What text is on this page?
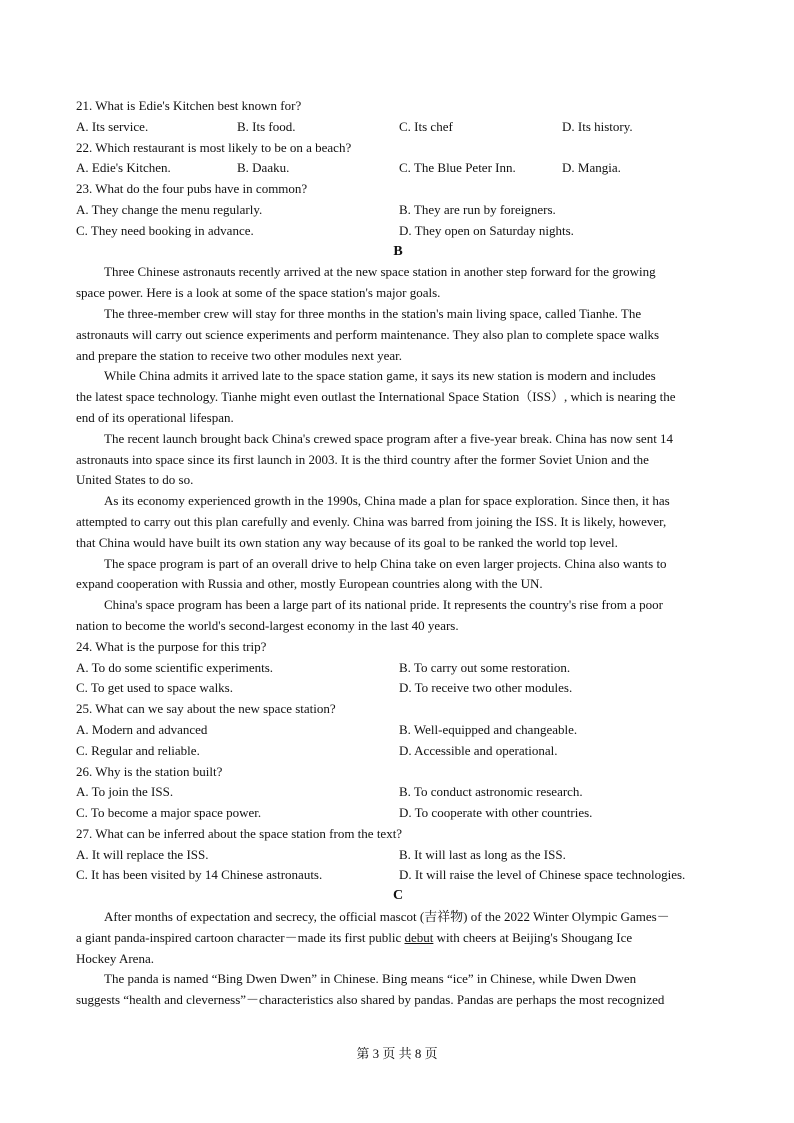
21. What is Edie's Kitchen best known for?
A. Its service.	B. Its food.	C. Its chef	D. Its history.
22. Which restaurant is most likely to be on a beach?
A. Edie's Kitchen.	B. Daaku.	C. The Blue Peter Inn.	D. Mangia.
23. What do the four pubs have in common?
A. They change the menu regularly.	B. They are run by foreigners.
C. They need booking in advance.	D. They open on Saturday nights.
B
Three Chinese astronauts recently arrived at the new space station in another step forward for the growing
space power. Here is a look at some of the space station's major goals.
The three-member crew will stay for three months in the station's main living space, called Tianhe. The
astronauts will carry out science experiments and perform maintenance. They also plan to complete space walks
and prepare the station to receive two other modules next year.
While China admits it arrived late to the space station game, it says its new station is modern and includes
the latest space technology. Tianhe might even outlast the International Space Station（ISS）, which is nearing the
end of its operational lifespan.
The recent launch brought back China's crewed space program after a five-year break. China has now sent 14
astronauts into space since its first launch in 2003. It is the third country after the former Soviet Union and the
United States to do so.
As its economy experienced growth in the 1990s, China made a plan for space exploration. Since then, it has
attempted to carry out this plan carefully and evenly. China was barred from joining the ISS. It is likely, however,
that China would have built its own station any way because of its goal to be ranked the world top level.
The space program is part of an overall drive to help China take on even larger projects. China also wants to
expand cooperation with Russia and other, mostly European countries along with the UN.
China's space program has been a large part of its national pride. It represents the country's rise from a poor
nation to become the world's second-largest economy in the last 40 years.
24. What is the purpose for this trip?
A. To do some scientific experiments.	B. To carry out some restoration.
C. To get used to space walks.	D. To receive two other modules.
25. What can we say about the new space station?
A. Modern and advanced	B. Well-equipped and changeable.
C. Regular and reliable.	D. Accessible and operational.
26. Why is the station built?
A. To join the ISS.	B. To conduct astronomic research.
C. To become a major space power.	D. To cooperate with other countries.
27. What can be inferred about the space station from the text?
A. It will replace the ISS.	B. It will last as long as the ISS.
C. It has been visited by 14 Chinese astronauts.	D. It will raise the level of Chinese space technologies.
C
After months of expectation and secrecy, the official mascot (吉祥物) of the 2022 Winter Olympic Games－
a giant panda-inspired cartoon character－made its first public debut with cheers at Beijing's Shougang Ice
Hockey Arena.
The panda is named “Bing Dwen Dwen” in Chinese. Bing means “ice” in Chinese, while Dwen Dwen
suggests “health and cleverness”－characteristics also shared by pandas. Pandas are perhaps the most recognized
第 3 页 共 8 页
